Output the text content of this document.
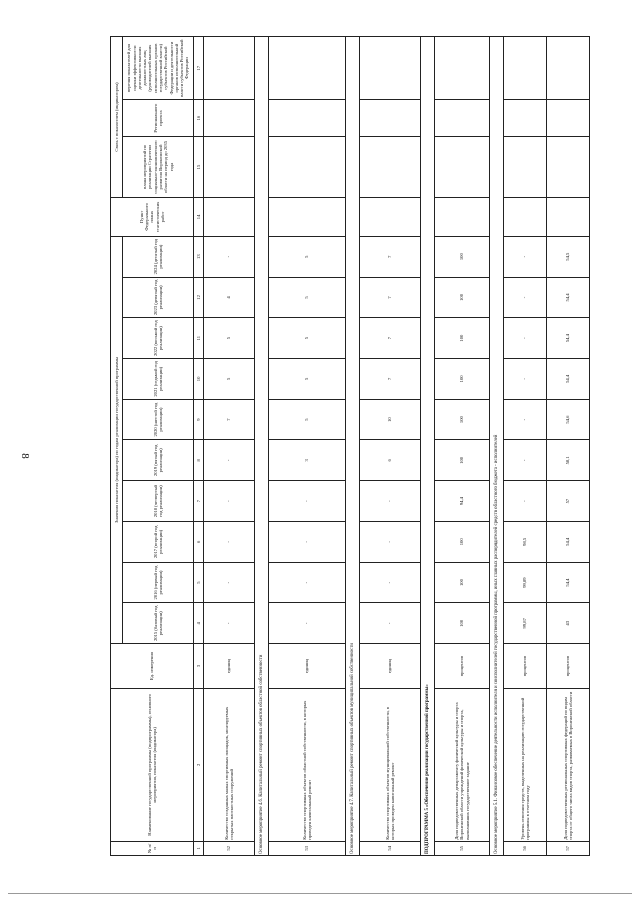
8
№ п/п	Наименование государственной программы (подпрограммы), основного мероприятия, показателя (индикатора)	Ед. измерения	Значения показателя (индикатора) по годам реализации государственной программы										Пункт Федерального плана статистических работ	Связь с показателем (индикатором)		
			2015 (базовый год реализации)	2016 (первый год реализации)	2017 (второй год реализации)	2018 (четвертый год реализации)	2019 (пятый год реализации)	2020 (шестой год реализации)	2021 (седьмой год реализации)	2022 (восьмой год реализации)	2023 (девятый год реализации)	2024 (десятый год реализации)		плана мероприятий по реализации Стратегии социально-экономического развития Воронежской области на период до 2035 года	Регионального проекта	перечня показателей для оценки эффективности деятельности высших должностных лиц (руководителей высших исполнительных органов государственной власти) субъектов Российской Федерации и деятельности органов исполнительной власти субъектов Российской Федерации
1	2	3	4	5	6	7	8	9	10	11	12	13	14	15	16	17
52	Количество созданных малых спортивных площадок, монтируемых открытых плоскостных сооружений	единиц	-	-	-	-	-	7	5	5	4	-				
Основное мероприятие 4.6. Капитальный ремонт спортивных объектов областной собственности																
53	Количество спортивных объектов областной собственности, в которых проведен капитальный ремонт	единиц	-	-	-	-	3	5	5	5	5	5				
Основное мероприятие 4.7. Капитальный ремонт спортивных объектов муниципальной собственности																
54	Количество спортивных объектов муниципальной собственности, в которых проведен капитальный ремонт	единиц	-	-	-	-	6	10	7	7	7	7				
ПОДПРОГРАММА 5 «Обеспечение реализации государственной программы»																
55	Доля подведомственных департаменту физической культуры и спорта Воронежской области учреждений физической культуры и спорта, выполнивших государственное задание	процентов	100	100	100	94,4	100	100	100	100	100	100				
Основное мероприятие 5.1. Финансовое обеспечение деятельности исполнителя и соисполнителей государственной программы, иных главных распорядителей средств областного бюджета - исполнителей																
56	Уровень освоения средств, выделенных на реализацию государственной программы в отчетном году	процентов	99,87	99,89	98,5	-	-	-	-	-	-	-				
57	Доля подведомственных региональных спортивных федераций по видам спорта от общего числа видов спорта, развиваемых в Воронежской области	процентов	43	54,4	54,4	57	58,1	54,6	54,4	54,4	54,4	54,5				
